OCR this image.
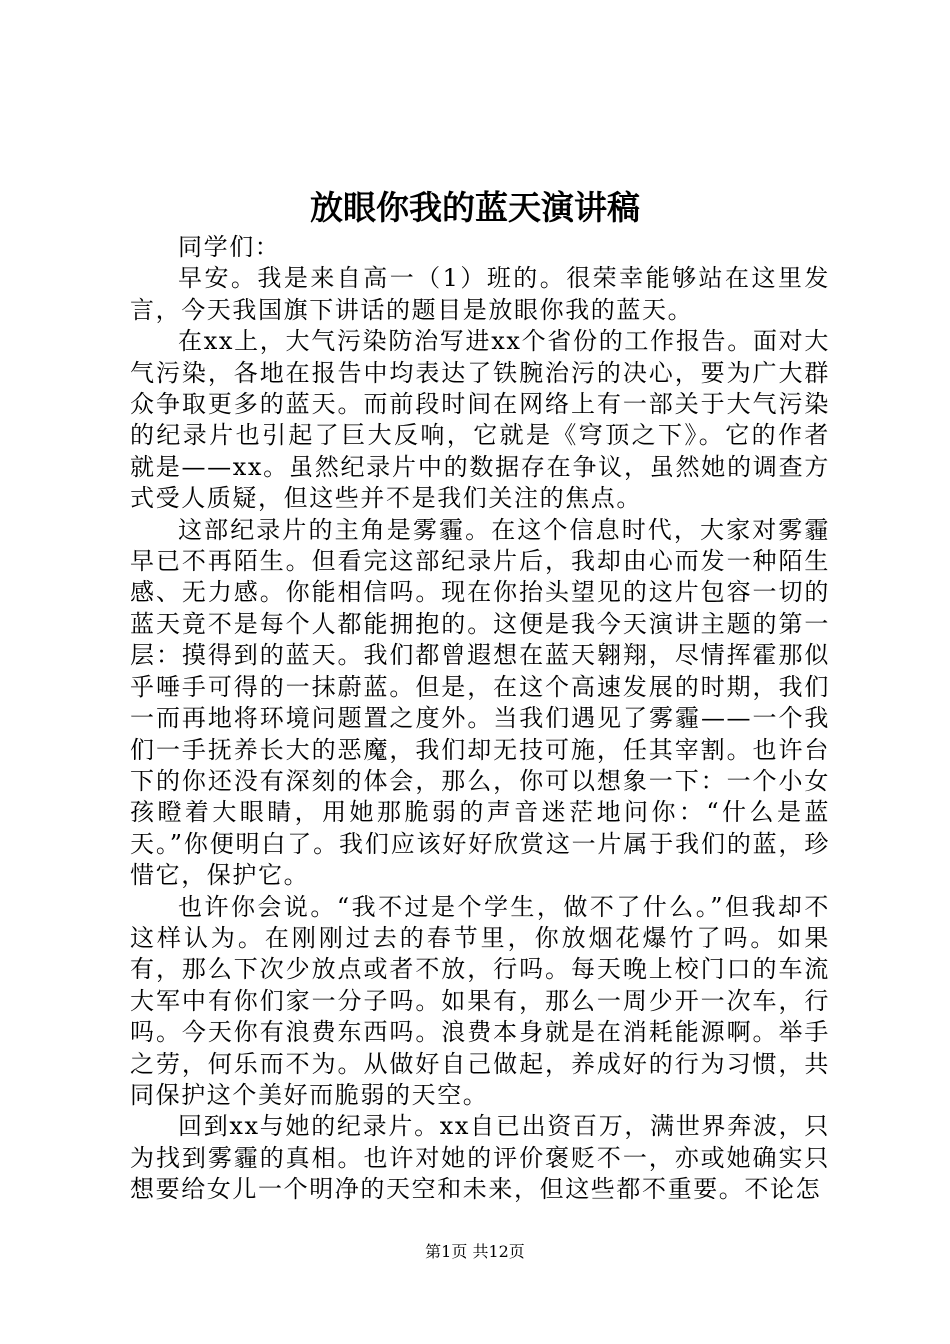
放眼你我的蓝天演讲稿

同学们：

早安。我是来自高一（1）班的。很荣幸能够站在这里发言，今天我国旗下讲话的题目是放眼你我的蓝天。

在xx上，大气污染防治写进xx个省份的工作报告。面对大气污染，各地在报告中均表达了铁腕治污的决心，要为广大群众争取更多的蓝天。而前段时间在网络上有一部关于大气污染的纪录片也引起了巨大反响，它就是《穹顶之下》。它的作者就是——xx。虽然纪录片中的数据存在争议，虽然她的调查方式受人质疑，但这些并不是我们关注的焦点。

这部纪录片的主角是雾霾。在这个信息时代，大家对雾霾早已不再陌生。但看完这部纪录片后，我却由心而发一种陌生感、无力感。你能相信吗。现在你抬头望见的这片包容一切的蓝天竟不是每个人都能拥抱的。这便是我今天演讲主题的第一层：摸得到的蓝天。我们都曾遐想在蓝天翱翔，尽情挥霍那似乎唾手可得的一抹蔚蓝。但是，在这个高速发展的时期，我们一而再地将环境问题置之度外。当我们遇见了雾霾——一个我们一手抚养长大的恶魔，我们却无技可施，任其宰割。也许台下的你还没有深刻的体会，那么，你可以想象一下：一个小女孩瞪着大眼睛，用她那脆弱的声音迷茫地问你：“什么是蓝天。”你便明白了。我们应该好好欣赏这一片属于我们的蓝，珍惜它，保护它。

也许你会说。“我不过是个学生，做不了什么。”但我却不这样认为。在刚刚过去的春节里，你放烟花爆竹了吗。如果有，那么下次少放点或者不放，行吗。每天晚上校门口的车流大军中有你们家一分子吗。如果有，那么一周少开一次车，行吗。今天你有浪费东西吗。浪费本身就是在消耗能源啊。举手之劳，何乐而不为。从做好自己做起，养成好的行为习惯，共同保护这个美好而脆弱的天空。

回到xx与她的纪录片。xx自已出资百万，满世界奔波，只为找到雾霾的真相。也许对她的评价褒贬不一，亦或她确实只想要给女儿一个明净的天空和未来，但这些都不重要。不论怎

第1页 共12页
